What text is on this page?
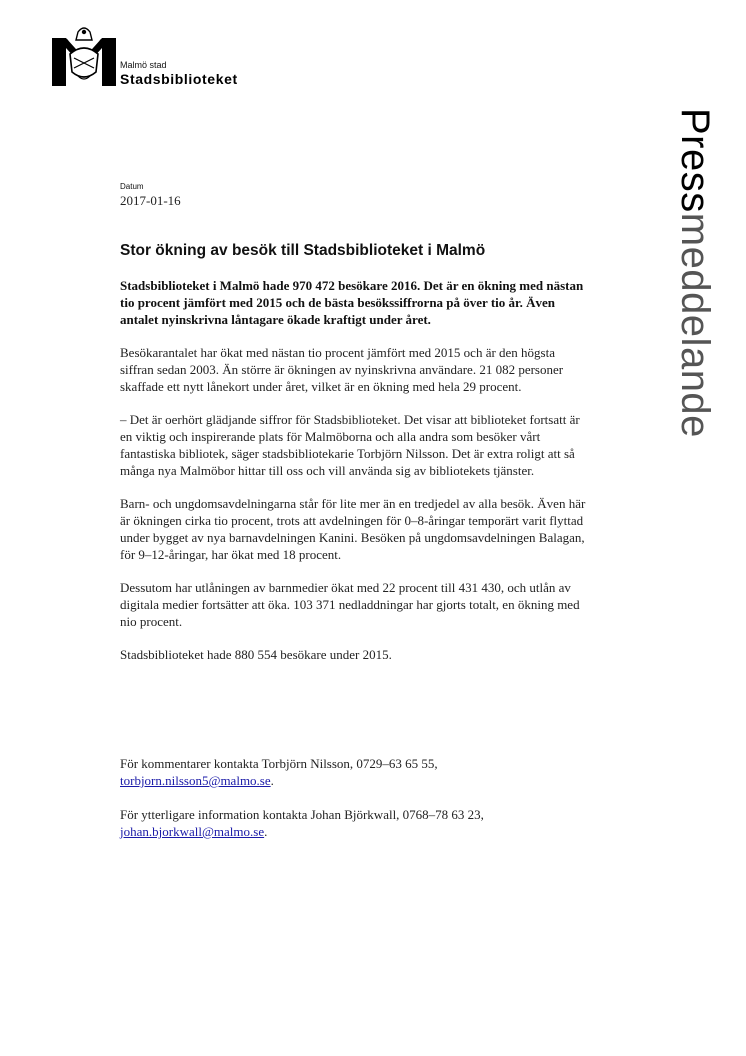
Malmö stad
Stadsbiblioteket
Pressmeddelande
Datum
2017-01-16
Stor ökning av besök till Stadsbiblioteket i Malmö

Stadsbiblioteket i Malmö hade 970 472 besökare 2016. Det är en ökning med nästan tio procent jämfört med 2015 och de bästa besökssiffrorna på över tio år. Även antalet nyinskrivna låntagare ökade kraftigt under året.

Besökarantalet har ökat med nästan tio procent jämfört med 2015 och är den högsta siffran sedan 2003. Än större är ökningen av nyinskrivna användare. 21 082 personer skaffade ett nytt lånekort under året, vilket är en ökning med hela 29 procent.

– Det är oerhört glädjande siffror för Stadsbiblioteket. Det visar att biblioteket fortsatt är en viktig och inspirerande plats för Malmöborna och alla andra som besöker vårt fantastiska bibliotek, säger stadsbibliotekarie Torbjörn Nilsson. Det är extra roligt att så många nya Malmöbor hittar till oss och vill använda sig av bibliotekets tjänster.

Barn- och ungdomsavdelningarna står för lite mer än en tredjedel av alla besök. Även här är ökningen cirka tio procent, trots att avdelningen för 0–8-åringar temporärt varit flyttad under bygget av nya barnavdelningen Kanini. Besöken på ungdomsavdelningen Balagan, för 9–12-åringar, har ökat med 18 procent.

Dessutom har utlåningen av barnmedier ökat med 22 procent till 431 430, och utlån av digitala medier fortsätter att öka. 103 371 nedladdningar har gjorts totalt, en ökning med nio procent.

Stadsbiblioteket hade 880 554 besökare under 2015.

För kommentarer kontakta Torbjörn Nilsson, 0729–63 65 55,
torbjorn.nilsson5@malmo.se.

För ytterligare information kontakta Johan Björkwall, 0768–78 63 23,
johan.bjorkwall@malmo.se.
